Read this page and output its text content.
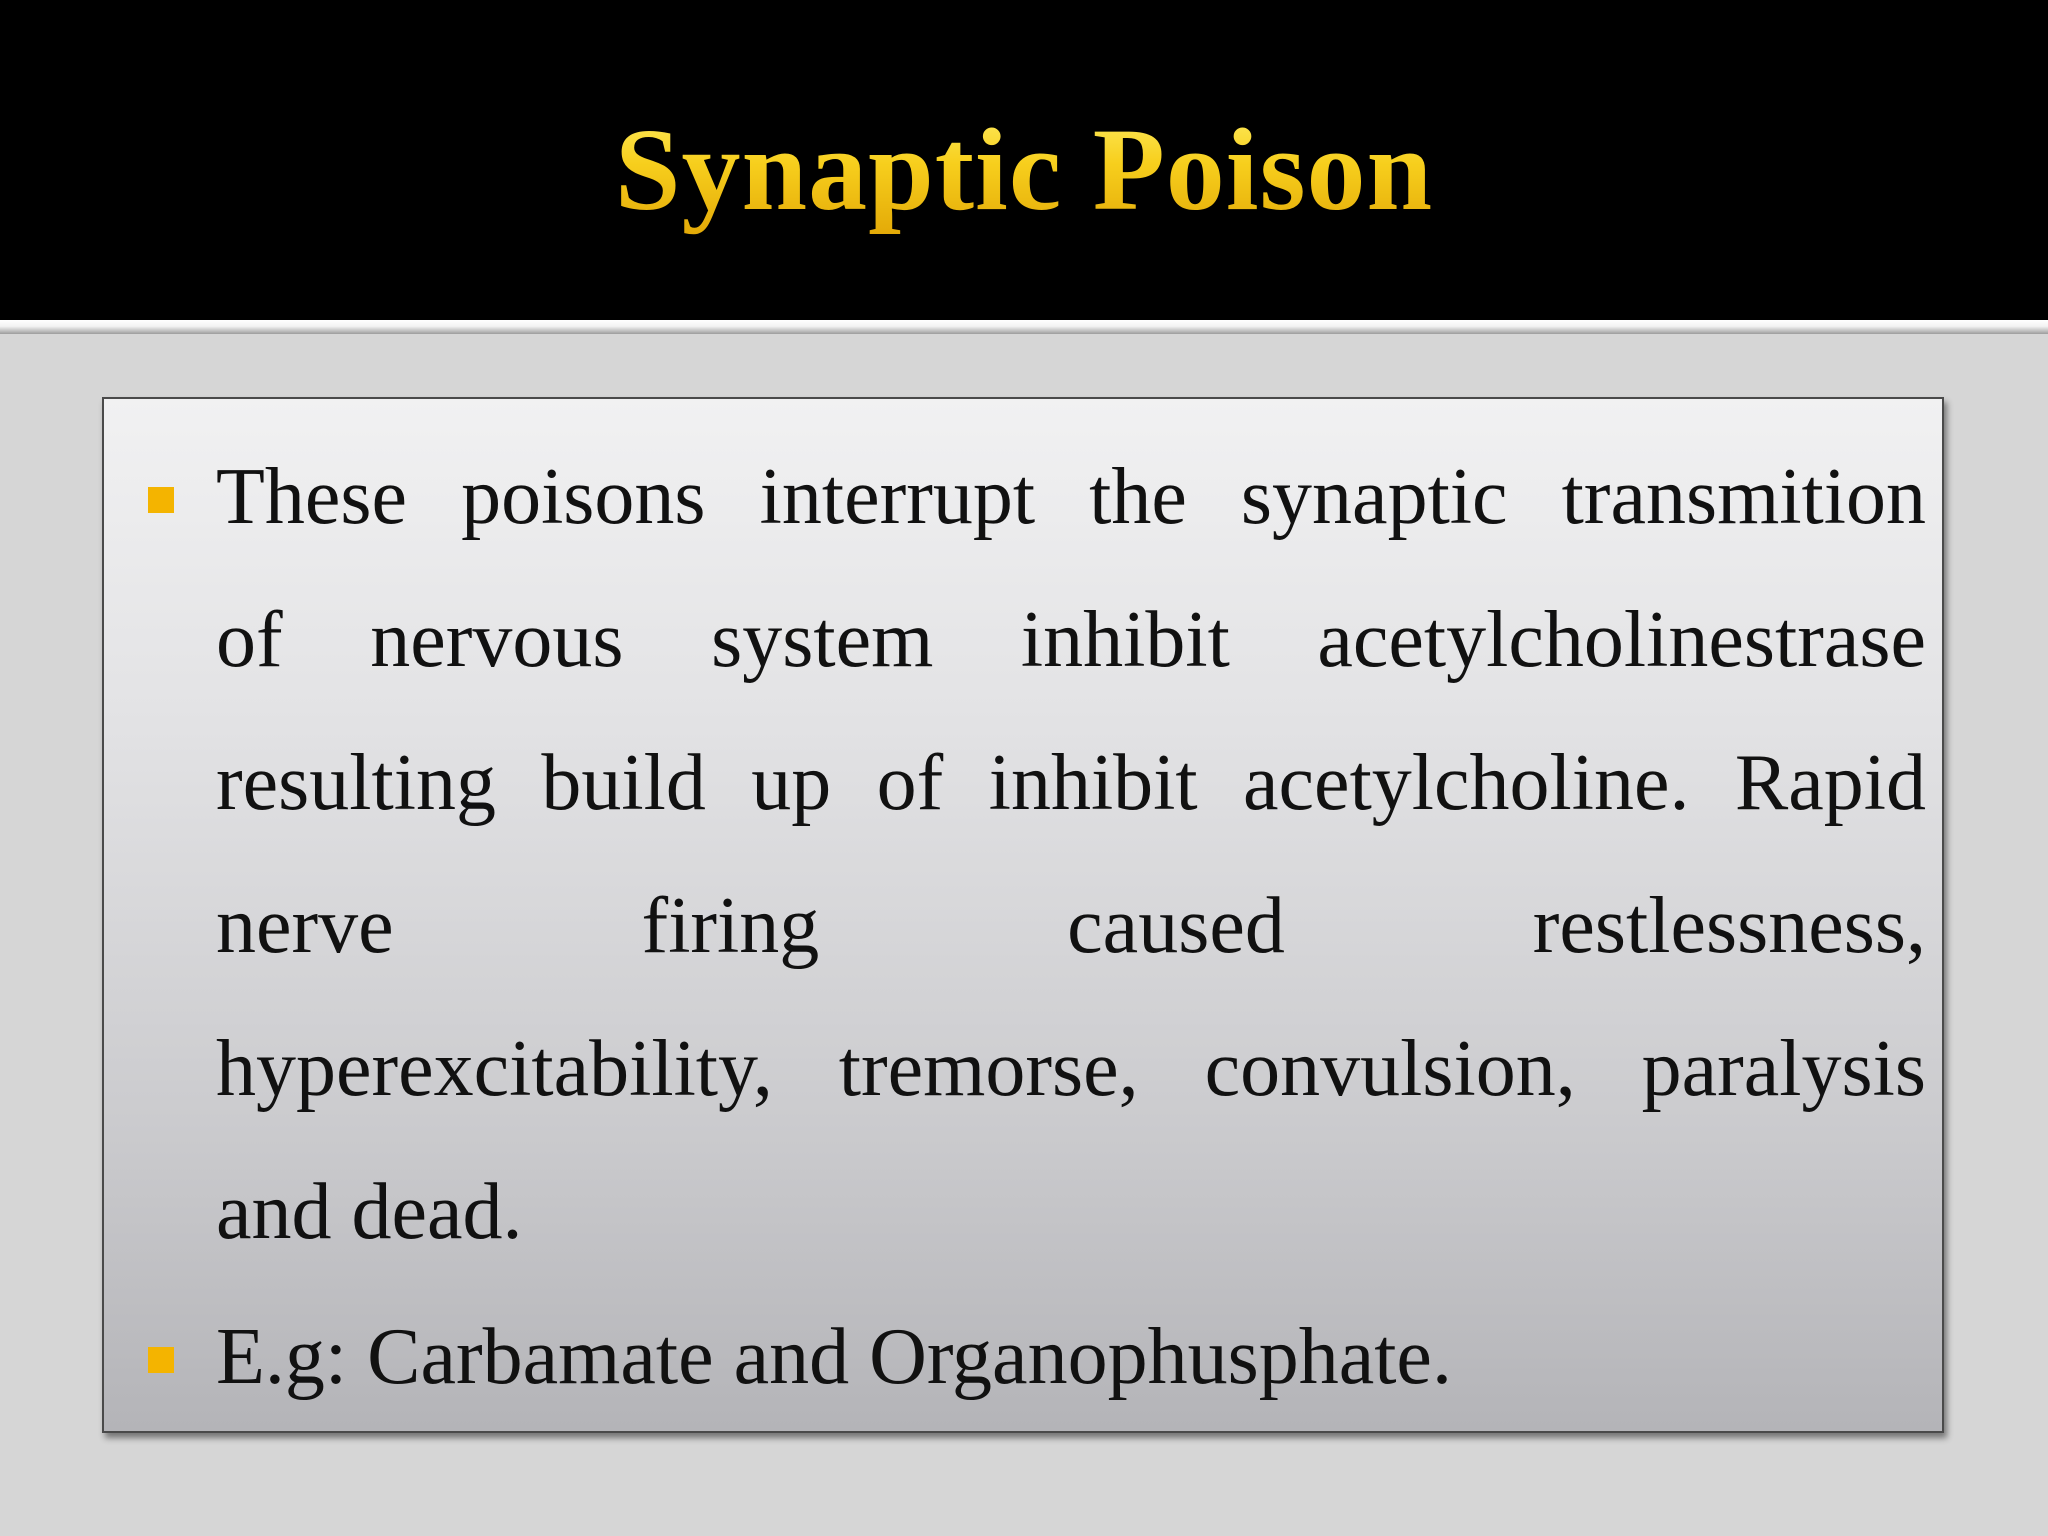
Synaptic Poison
These poisons interrupt the synaptic transmition
of nervous system inhibit acetylcholinestrase
resulting build up of inhibit acetylcholine. Rapid
nerve firing caused restlessness,
hyperexcitability, tremorse, convulsion, paralysis
and dead.
E.g: Carbamate and Organophusphate.
